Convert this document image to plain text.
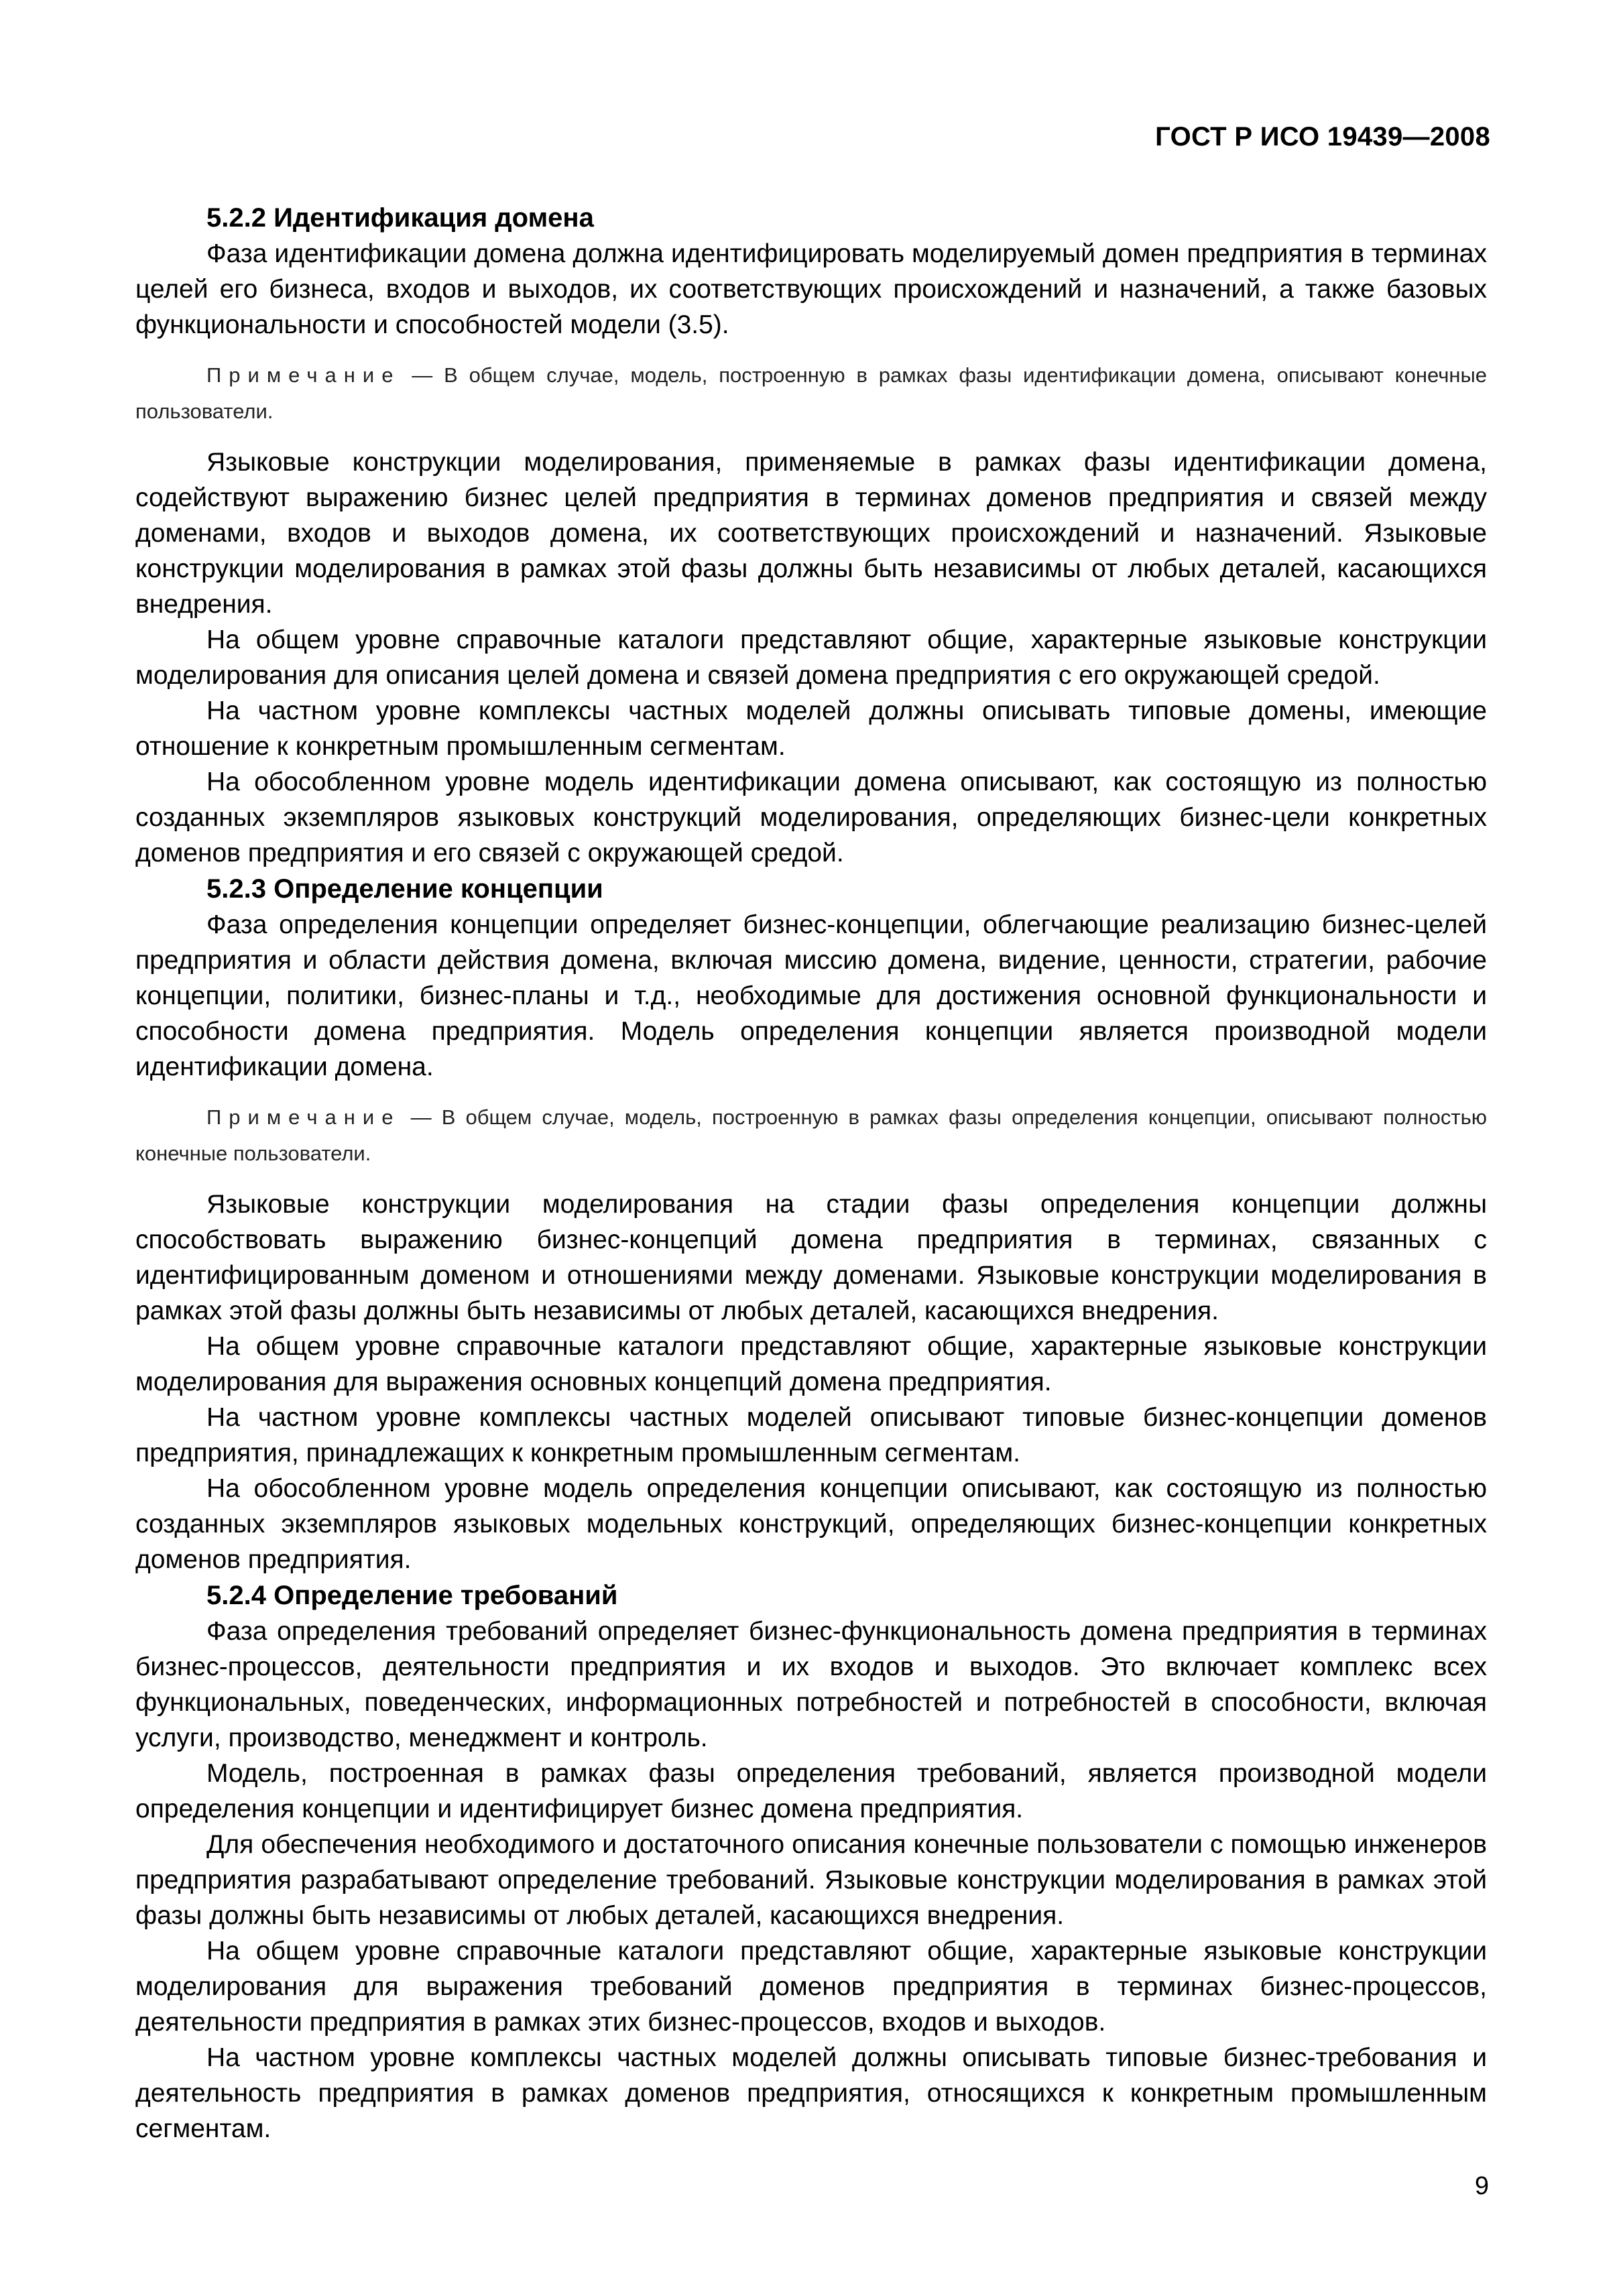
ГОСТ Р ИСО 19439—2008
5.2.2 Идентификация домена

Фаза идентификации домена должна идентифицировать моделируемый домен предприятия в терминах целей его бизнеса, входов и выходов, их соответствующих происхождений и назначений, а также базовых функциональности и способностей модели (3.5).

Примечание — В общем случае, модель, построенную в рамках фазы идентификации домена, описывают конечные пользователи.

Языковые конструкции моделирования, применяемые в рамках фазы идентификации домена, содействуют выражению бизнес целей предприятия в терминах доменов предприятия и связей между доменами, входов и выходов домена, их соответствующих происхождений и назначений. Языковые конструкции моделирования в рамках этой фазы должны быть независимы от любых деталей, касающихся внедрения.

На общем уровне справочные каталоги представляют общие, характерные языковые конструкции моделирования для описания целей домена и связей домена предприятия с его окружающей средой.

На частном уровне комплексы частных моделей должны описывать типовые домены, имеющие отношение к конкретным промышленным сегментам.

На обособленном уровне модель идентификации домена описывают, как состоящую из полностью созданных экземпляров языковых конструкций моделирования, определяющих бизнес-цели конкретных доменов предприятия и его связей с окружающей средой.

5.2.3 Определение концепции

Фаза определения концепции определяет бизнес-концепции, облегчающие реализацию бизнес-целей предприятия и области действия домена, включая миссию домена, видение, ценности, стратегии, рабочие концепции, политики, бизнес-планы и т.д., необходимые для достижения основной функциональности и способности домена предприятия. Модель определения концепции является производной модели идентификации домена.

Примечание — В общем случае, модель, построенную в рамках фазы определения концепции, описывают полностью конечные пользователи.

Языковые конструкции моделирования на стадии фазы определения концепции должны способствовать выражению бизнес-концепций домена предприятия в терминах, связанных с идентифицированным доменом и отношениями между доменами. Языковые конструкции моделирования в рамках этой фазы должны быть независимы от любых деталей, касающихся внедрения.

На общем уровне справочные каталоги представляют общие, характерные языковые конструкции моделирования для выражения основных концепций домена предприятия.

На частном уровне комплексы частных моделей описывают типовые бизнес-концепции доменов предприятия, принадлежащих к конкретным промышленным сегментам.

На обособленном уровне модель определения концепции описывают, как состоящую из полностью созданных экземпляров языковых модельных конструкций, определяющих бизнес-концепции конкретных доменов предприятия.

5.2.4 Определение требований

Фаза определения требований определяет бизнес-функциональность домена предприятия в терминах бизнес-процессов, деятельности предприятия и их входов и выходов. Это включает комплекс всех функциональных, поведенческих, информационных потребностей и потребностей в способности, включая услуги, производство, менеджмент и контроль.

Модель, построенная в рамках фазы определения требований, является производной модели определения концепции и идентифицирует бизнес домена предприятия.

Для обеспечения необходимого и достаточного описания конечные пользователи с помощью инженеров предприятия разрабатывают определение требований. Языковые конструкции моделирования в рамках этой фазы должны быть независимы от любых деталей, касающихся внедрения.

На общем уровне справочные каталоги представляют общие, характерные языковые конструкции моделирования для выражения требований доменов предприятия в терминах бизнес-процессов, деятельности предприятия в рамках этих бизнес-процессов, входов и выходов.

На частном уровне комплексы частных моделей должны описывать типовые бизнес-требования и деятельность предприятия в рамках доменов предприятия, относящихся к конкретным промышленным сегментам.

9
